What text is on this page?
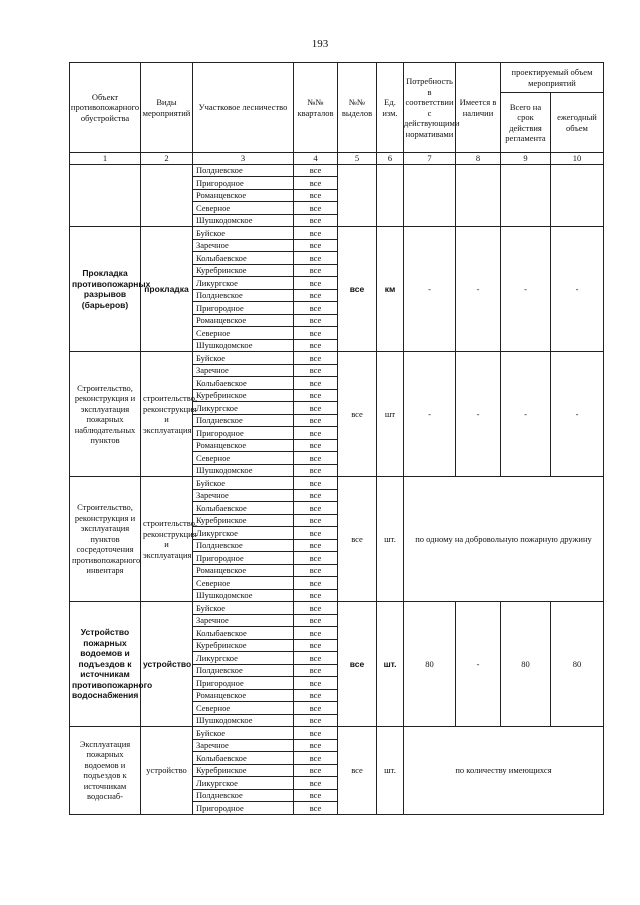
193
Объект противопожарного обустройства	Виды мероприятий	Участковое лесничество	№№ кварталов	№№ выделов	Ед. изм.	Потребность в соответствии с действующими нормативами	Имеется в наличии	проектируемый объем мероприятий	
								Всего на срок действия регламента	ежегодный объем
1	2	3	4	5	6	7	8	9	10
		Полдневское	все						
		Пригородное	все						
		Романцевское	все						
		Северное	все						
		Шушкодомское	все						
Прокладка противопожарных разрывов (барьеров)	прокладка	Буйское	все	все	км	-	-	-	-
		Заречное	все						
		Колыбаевское	все						
		Куребринское	все						
		Ликургское	все						
		Полдневское	все						
		Пригородное	все						
		Романцевское	все						
		Северное	все						
		Шушкодомское	все						
Строительство, реконструкция и эксплуатация пожарных наблюдательных пунктов	строительство, реконструкция и эксплуатация	Буйское	все	все	шт	-	-	-	-
		Заречное	все						
		Колыбаевское	все						
		Куребринское	все						
		Ликургское	все						
		Полдневское	все						
		Пригородное	все						
		Романцевское	все						
		Северное	все						
		Шушкодомское	все						
Строительство, реконструкция и эксплуатация пунктов сосредоточения противопожарного инвентаря	строительство, реконструкция и эксплуатация	Буйское	все	все	шт.	по одному на добровольную пожарную дружину			
		Заречное	все						
		Колыбаевское	все						
		Куребринское	все						
		Ликургское	все						
		Полдневское	все						
		Пригородное	все						
		Романцевское	все						
		Северное	все						
		Шушкодомское	все						
Устройство пожарных водоемов и подъездов к источникам противопожарного водоснабжения	устройство	Буйское	все	все	шт.	80	-	80	80
		Заречное	все						
		Колыбаевское	все						
		Куребринское	все						
		Ликургское	все						
		Полдневское	все						
		Пригородное	все						
		Романцевское	все						
		Северное	все						
		Шушкодомское	все						
Эксплуатация пожарных водоемов и подъездов к источникам водоснаб-	устройство	Буйское	все	все	шт.	по количеству имеющихся			
		Заречное	все						
		Колыбаевское	все						
		Куребринское	все						
		Ликургское	все						
		Полдневское	все						
		Пригородное	все						
